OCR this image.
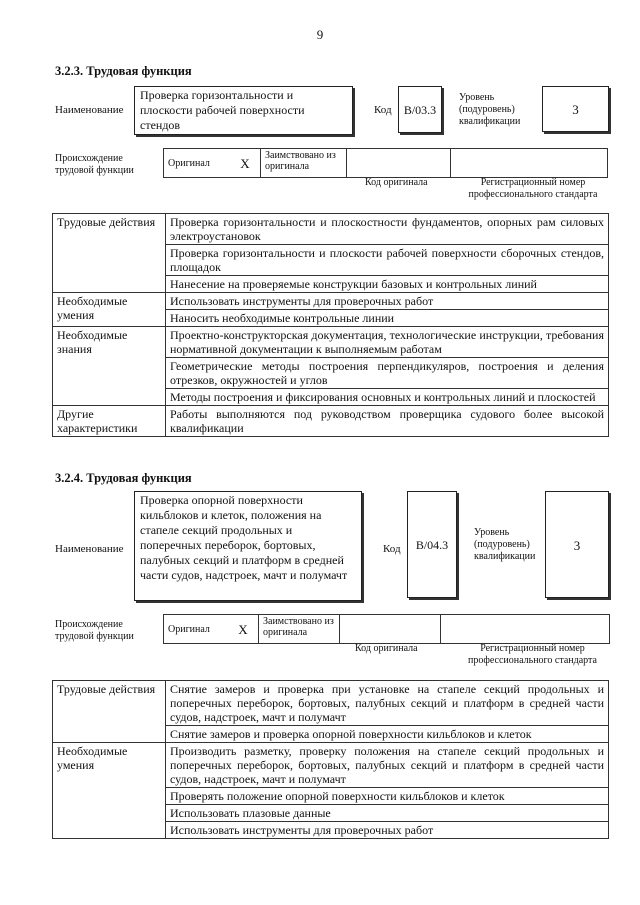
9
3.2.3. Трудовая функция
Наименование
Проверка горизонтальности и плоскости рабочей поверхности стендов
Код	B/03.3
Уровень (подуровень) квалификации
3
Происхождение трудовой функции
Оригинал	X	Заимствовано из оригинала		
Код оригинала	Регистрационный номер профессионального стандарта
Трудовые действия	Проверка горизонтальности и плоскостности фундаментов, опорных рам силовых электроустановок
	Проверка горизонтальности и плоскости рабочей поверхности сборочных стендов, площадок
	Нанесение на проверяемые конструкции базовых и контрольных линий
Необходимые умения	Использовать инструменты для проверочных работ
	Наносить необходимые контрольные линии
Необходимые знания	Проектно-конструкторская документация, технологические инструкции, требования нормативной документации к выполняемым работам
	Геометрические методы построения перпендикуляров, построения и деления отрезков, окружностей и углов
	Методы построения и фиксирования основных и контрольных линий и плоскостей
Другие характеристики	Работы выполняются под руководством проверщика судового более высокой квалификации
3.2.4. Трудовая функция
Наименование
Проверка опорной поверхности кильблоков и клеток, положения на стапеле секций продольных и поперечных переборок, бортовых, палубных секций и платформ в средней части судов, надстроек, мачт и полумачт
Код	B/04.3
Уровень (подуровень) квалификации
3
Происхождение трудовой функции
Оригинал	X	Заимствовано из оригинала		
Код оригинала	Регистрационный номер профессионального стандарта
Трудовые действия	Снятие замеров и проверка при установке на стапеле секций продольных и поперечных переборок, бортовых, палубных секций и платформ в средней части судов, надстроек, мачт и полумачт
	Снятие замеров и проверка опорной поверхности кильблоков и клеток
Необходимые умения	Производить разметку, проверку положения на стапеле секций продольных и поперечных переборок, бортовых, палубных секций и платформ в средней части судов, надстроек, мачт и полумачт
	Проверять положение опорной поверхности кильблоков и клеток
	Использовать плазовые данные
	Использовать инструменты для проверочных работ
